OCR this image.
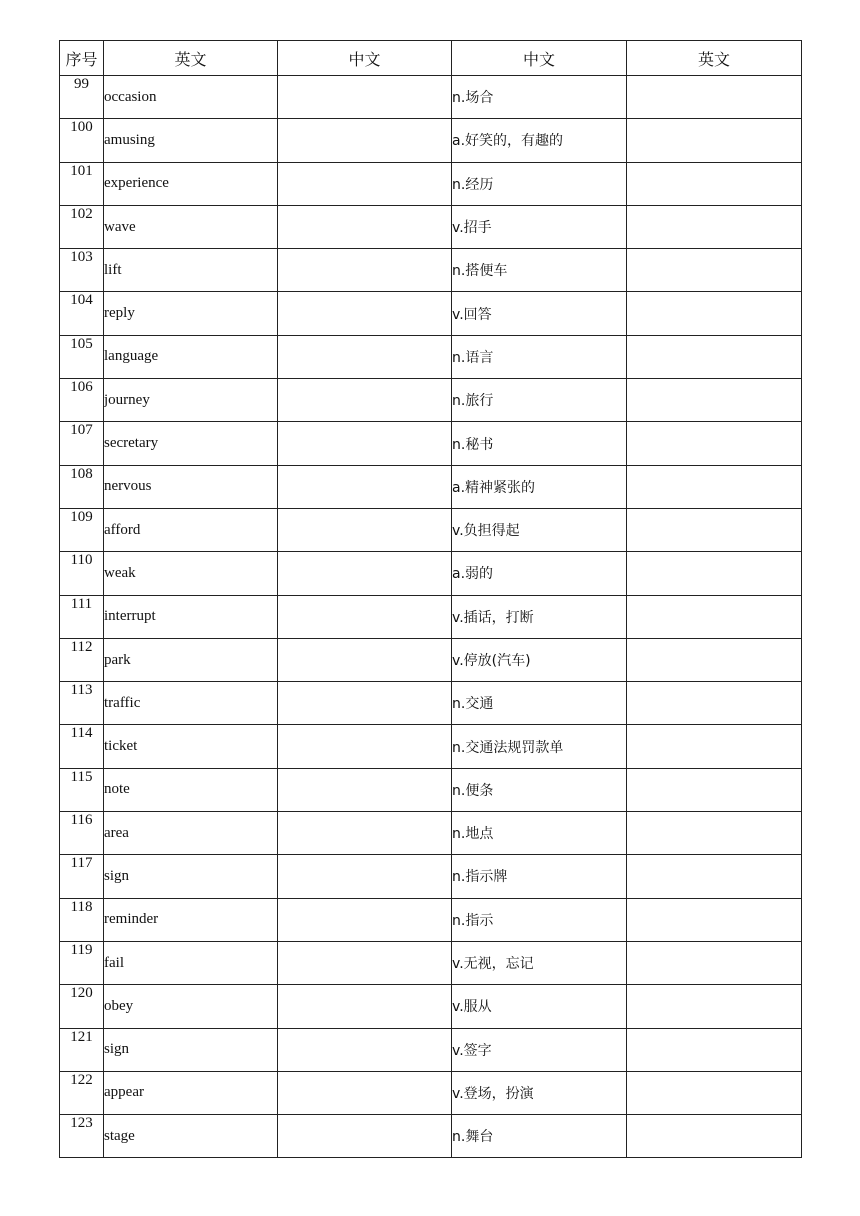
序号	英文	中文	中文	英文
99	occasion		n.场合	
100	amusing		a.好笑的，有趣的	
101	experience		n.经历	
102	wave		v.招手	
103	lift		n.搭便车	
104	reply		v.回答	
105	language		n.语言	
106	journey		n.旅行	
107	secretary		n.秘书	
108	nervous		a.精神紧张的	
109	afford		v.负担得起	
110	weak		a.弱的	
111	interrupt		v.插话，打断	
112	park		v.停放(汽车)	
113	traffic		n.交通	
114	ticket		n.交通法规罚款单	
115	note		n.便条	
116	area		n.地点	
117	sign		n.指示牌	
118	reminder		n.指示	
119	fail		v.无视，忘记	
120	obey		v.服从	
121	sign		v.签字	
122	appear		v.登场，扮演	
123	stage		n.舞台	
